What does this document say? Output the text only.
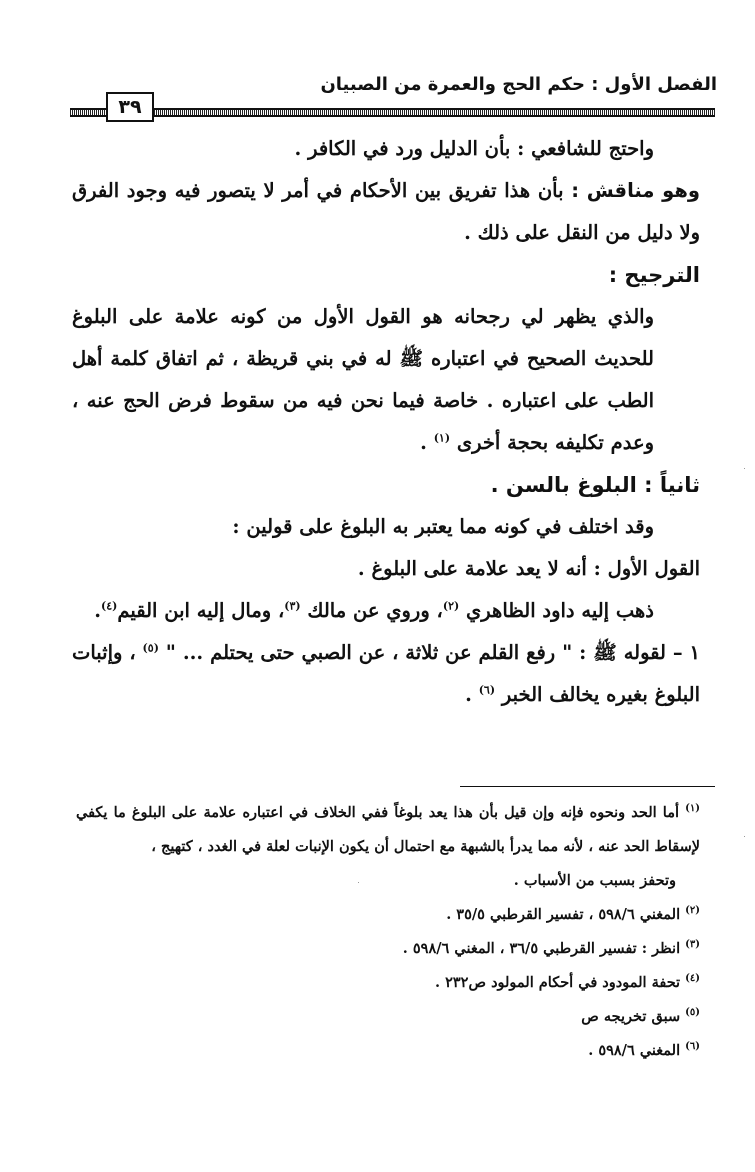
الفصل الأول : حكم الحج والعمرة من الصبيان
٣٩

واحتج للشافعي : بأن الدليل ورد في الكافر .

وهو مناقش : بأن هذا تفريق بين الأحكام في أمر لا يتصور فيه وجود الفرق ولا دليل من النقل على ذلك .

الترجيح :

والذي يظهر لي رجحانه هو القول الأول من كونه علامة على البلوغ للحديث الصحيح في اعتباره ﷺ له في بني قريظة ، ثم اتفاق كلمة أهل الطب على اعتباره . خاصة فيما نحن فيه من سقوط فرض الحج عنه ، وعدم تكليفه بحجة أخرى $^{(١)}$ .

ثانياً : البلوغ بالسن .

وقد اختلف في كونه مما يعتبر به البلوغ على قولين :

القول الأول : أنه لا يعد علامة على البلوغ .

ذهب إليه داود الظاهري $^{(٢)}$، وروي عن مالك $^{(٣)}$، ومال إليه ابن القيم$^{(٤)}$.

١ – لقوله ﷺ : " رفع القلم عن ثلاثة ، عن الصبي حتى يحتلم ... " $^{(٥)}$ ، وإثبات البلوغ بغيره يخالف الخبر $^{(٦)}$ .

$^{(١)}$ أما الحد ونحوه فإنه وإن قيل بأن هذا يعد بلوغاً ففي الخلاف في اعتباره علامة على البلوغ ما يكفي لإسقاط الحد عنه ، لأنه مما يدرأ بالشبهة مع احتمال أن يكون الإنبات لعلة في الغدد ، كتهيج ،

وتحفز بسبب من الأسباب .

$^{(٢)}$ المغني ٥٩٨/٦ ، تفسير القرطبي ٣٥/٥ .

$^{(٣)}$ انظر : تفسير القرطبي ٣٦/٥ ، المغني ٥٩٨/٦ .

$^{(٤)}$ تحفة المودود في أحكام المولود ص٢٣٢ .

$^{(٥)}$ سبق تخريجه ص

$^{(٦)}$ المغني ٥٩٨/٦ .
